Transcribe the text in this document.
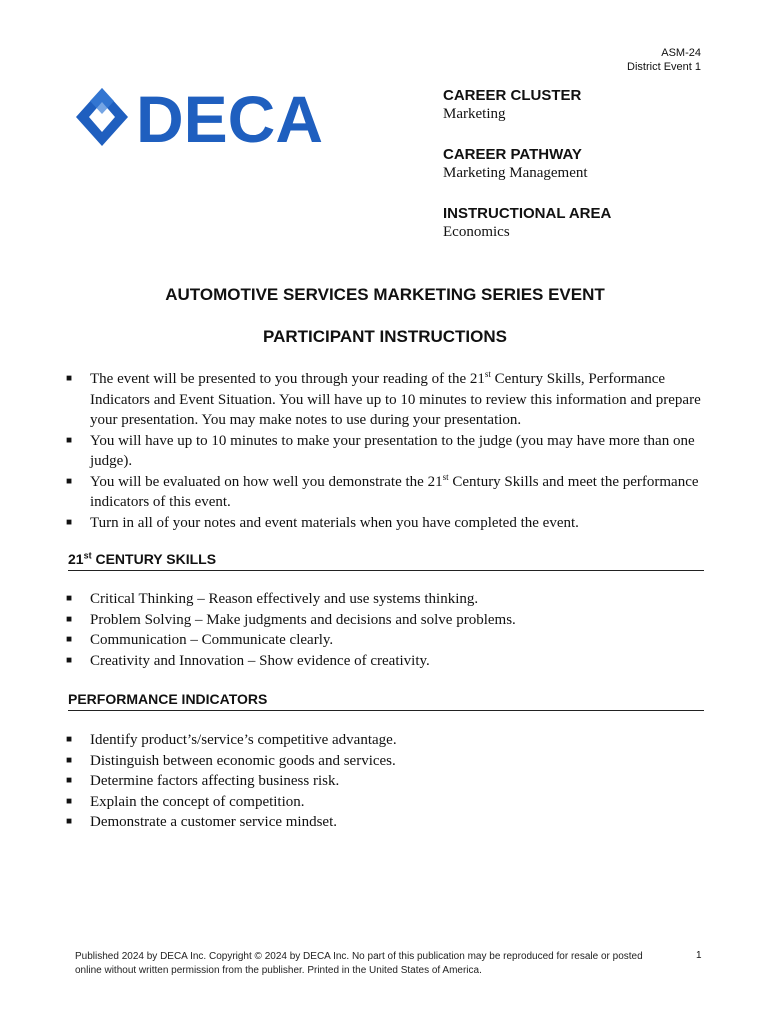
ASM-24
District Event 1
DECA	CAREER CLUSTER
Marketing
CAREER PATHWAY
Marketing Management
INSTRUCTIONAL AREA
Economics
AUTOMOTIVE SERVICES MARKETING SERIES EVENT
PARTICIPANT INSTRUCTIONS
■ The event will be presented to you through your reading of the 21st Century Skills, Performance Indicators and Event Situation. You will have up to 10 minutes to review this information and prepare your presentation. You may make notes to use during your presentation.
■ You will have up to 10 minutes to make your presentation to the judge (you may have more than one judge).
■ You will be evaluated on how well you demonstrate the 21st Century Skills and meet the performance indicators of this event.
■ Turn in all of your notes and event materials when you have completed the event.
21st CENTURY SKILLS
■ Critical Thinking – Reason effectively and use systems thinking.
■ Problem Solving – Make judgments and decisions and solve problems.
■ Communication – Communicate clearly.
■ Creativity and Innovation – Show evidence of creativity.
PERFORMANCE INDICATORS
■ Identify product’s/service’s competitive advantage.
■ Distinguish between economic goods and services.
■ Determine factors affecting business risk.
■ Explain the concept of competition.
■ Demonstrate a customer service mindset.
Published 2024 by DECA Inc. Copyright © 2024 by DECA Inc. No part of this publication may be reproduced for resale or posted online without written permission from the publisher. Printed in the United States of America.
1
